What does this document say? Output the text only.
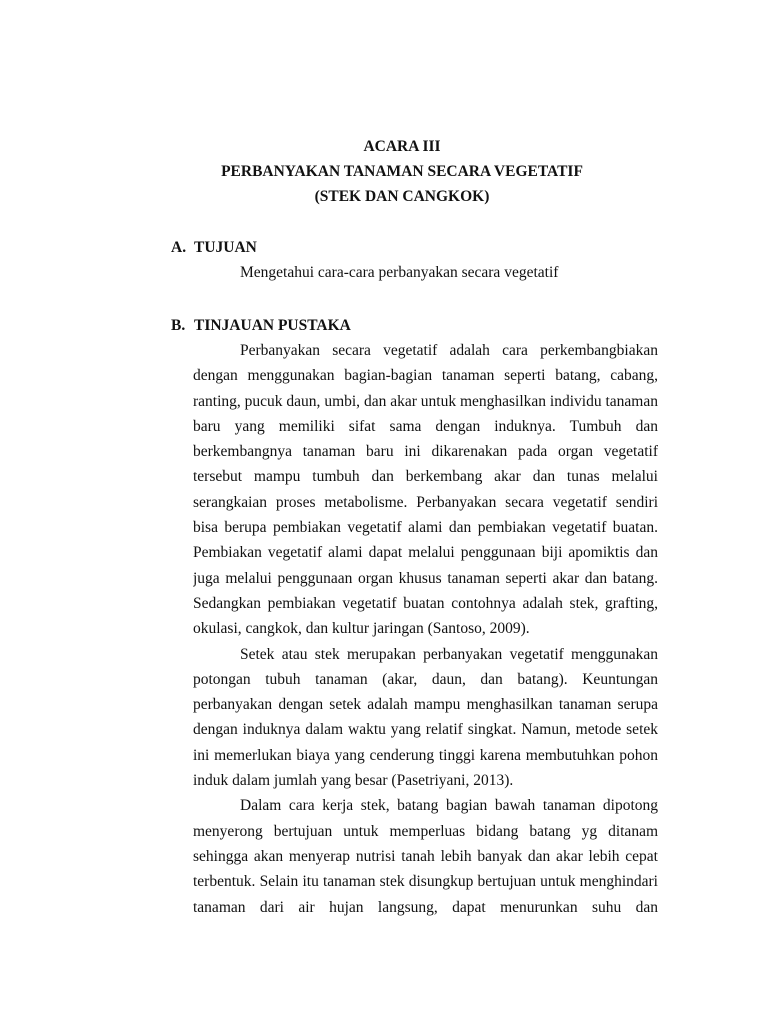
ACARA III
PERBANYAKAN TANAMAN SECARA VEGETATIF
(STEK DAN CANGKOK)
A. TUJUAN
Mengetahui cara-cara perbanyakan secara vegetatif
B. TINJAUAN PUSTAKA
Perbanyakan secara vegetatif adalah cara perkembangbiakan
dengan menggunakan bagian-bagian tanaman seperti batang, cabang,
ranting, pucuk daun, umbi, dan akar untuk menghasilkan individu tanaman
baru yang memiliki sifat sama dengan induknya. Tumbuh dan
berkembangnya tanaman baru ini dikarenakan pada organ vegetatif
tersebut mampu tumbuh dan berkembang akar dan tunas melalui
serangkaian proses metabolisme. Perbanyakan secara vegetatif sendiri
bisa berupa pembiakan vegetatif alami dan pembiakan vegetatif buatan.
Pembiakan vegetatif alami dapat melalui penggunaan biji apomiktis dan
juga melalui penggunaan organ khusus tanaman seperti akar dan batang.
Sedangkan pembiakan vegetatif buatan contohnya adalah stek, grafting,
okulasi, cangkok, dan kultur jaringan (Santoso, 2009).
Setek atau stek merupakan perbanyakan vegetatif menggunakan
potongan tubuh tanaman (akar, daun, dan batang). Keuntungan
perbanyakan dengan setek adalah mampu menghasilkan tanaman serupa
dengan induknya dalam waktu yang relatif singkat. Namun, metode setek
ini memerlukan biaya yang cenderung tinggi karena membutuhkan pohon
induk dalam jumlah yang besar (Pasetriyani, 2013).
Dalam cara kerja stek, batang bagian bawah tanaman dipotong
menyerong bertujuan untuk memperluas bidang batang yg ditanam
sehingga akan menyerap nutrisi tanah lebih banyak dan akar lebih cepat
terbentuk. Selain itu tanaman stek disungkup bertujuan untuk menghindari
tanaman dari air hujan langsung, dapat menurunkan suhu dan
